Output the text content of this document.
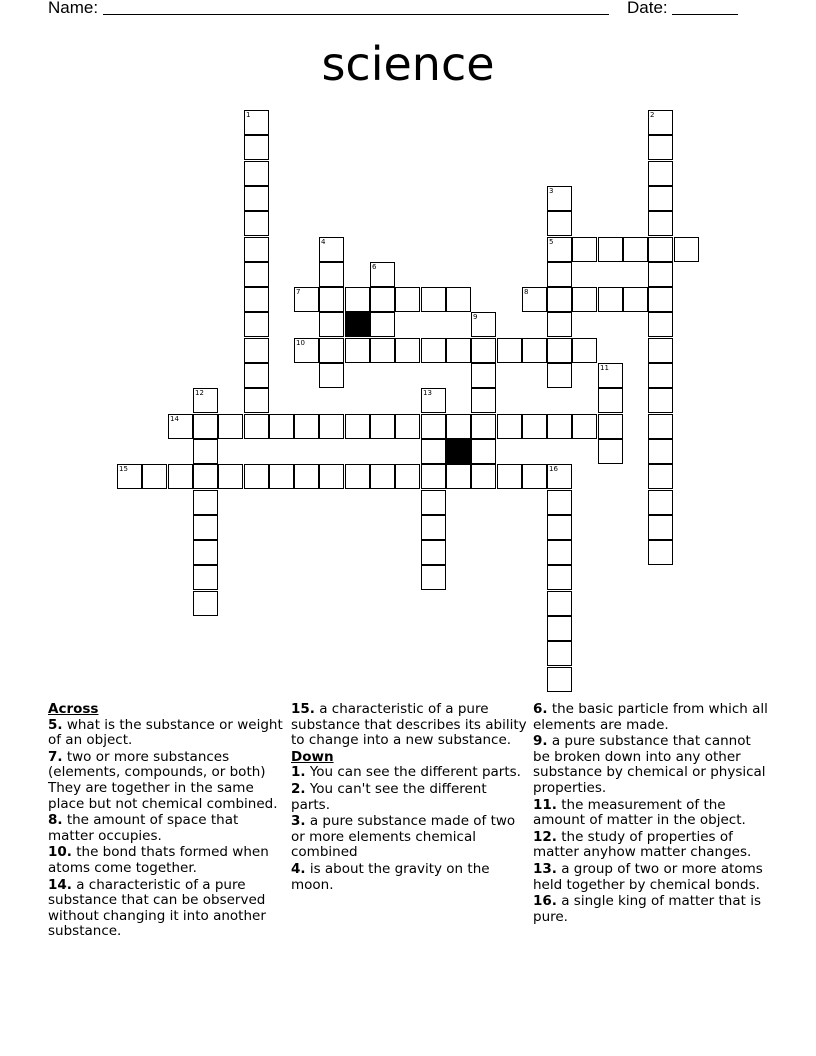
Name:	Date:
science
1	2
3
5
4
6
7	8
9
10
11
12	13
14
15	16
Across
5. what is the substance or weight of an object.
7. two or more substances (elements, compounds, or both) They are together in the same place but not chemical combined.
8. the amount of space that matter occupies.
10. the bond thats formed when atoms come together.
14. a characteristic of a pure substance that can be observed without changing it into another substance.
15. a characteristic of a pure substance that describes its ability to change into a new substance.
Down
1. You can see the different parts.
2. You can't see the different parts.
3. a pure substance made of two or more elements chemical combined
4. is about the gravity on the moon.
6. the basic particle from which all elements are made.
9. a pure substance that cannot be broken down into any other substance by chemical or physical properties.
11. the measurement of the amount of matter in the object.
12. the study of properties of matter anyhow matter changes.
13. a group of two or more atoms held together by chemical bonds.
16. a single king of matter that is pure.
